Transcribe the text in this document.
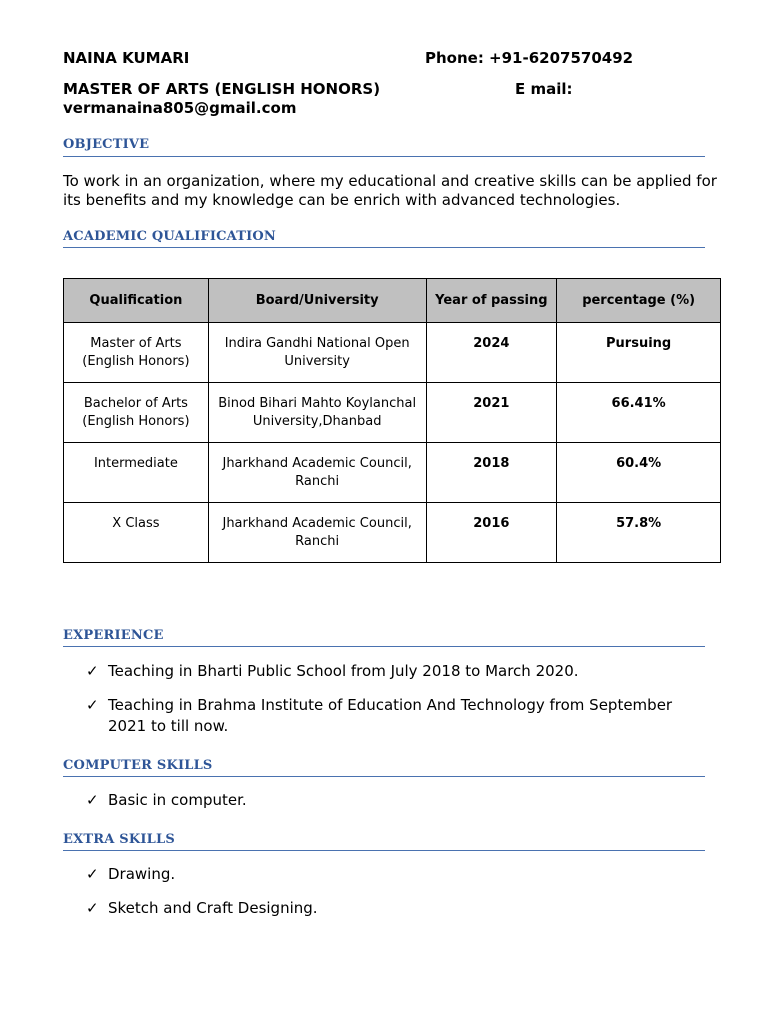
NAINA KUMARI	Phone: +91-6207570492
MASTER OF ARTS (ENGLISH HONORS)	E mail:
vermanaina805@gmail.com
OBJECTIVE
To work in an organization, where my educational and creative skills can be applied for its benefits and my knowledge can be enrich with advanced technologies.
ACADEMIC QUALIFICATION
Qualification	Board/University	Year of passing	percentage (%)
Master of Arts (English Honors)	Indira Gandhi National Open University	2024	Pursuing
Bachelor of Arts (English Honors)	Binod Bihari Mahto Koylanchal University,Dhanbad	2021	66.41%
Intermediate	Jharkhand Academic Council, Ranchi	2018	60.4%
X Class	Jharkhand Academic Council, Ranchi	2016	57.8%
EXPERIENCE
✓ Teaching in Bharti Public School from July 2018 to March 2020.
✓ Teaching in Brahma Institute of Education And Technology from September 2021 to till now.
COMPUTER SKILLS
✓ Basic in computer.
EXTRA SKILLS
✓ Drawing.
✓ Sketch and Craft Designing.
